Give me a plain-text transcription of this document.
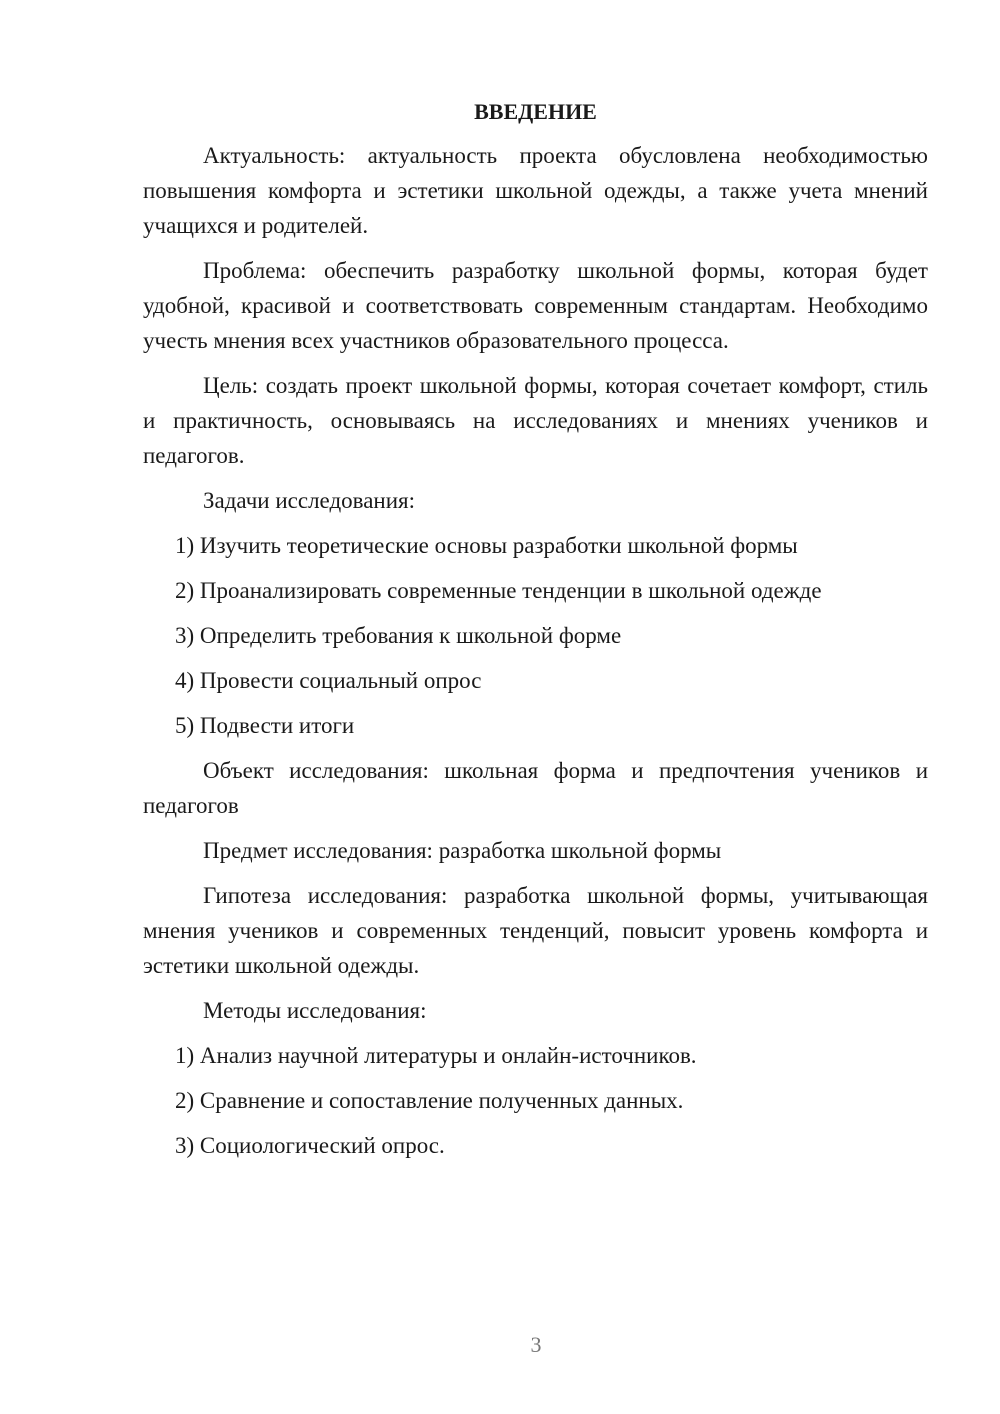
ВВЕДЕНИЕ

Актуальность: актуальность проекта обусловлена необходимостью повышения комфорта и эстетики школьной одежды, а также учета мнений учащихся и родителей.

Проблема: обеспечить разработку школьной формы, которая будет удобной, красивой и соответствовать современным стандартам. Необходимо учесть мнения всех участников образовательного процесса.

Цель: создать проект школьной формы, которая сочетает комфорт, стиль и практичность, основываясь на исследованиях и мнениях учеников и педагогов.

Задачи исследования:

1) Изучить теоретические основы разработки школьной формы

2) Проанализировать современные тенденции в школьной одежде

3) Определить требования к школьной форме

4) Провести социальный опрос

5) Подвести итоги

Объект исследования: школьная форма и предпочтения учеников и педагогов

Предмет исследования: разработка школьной формы

Гипотеза исследования: разработка школьной формы, учитывающая мнения учеников и современных тенденций, повысит уровень комфорта и эстетики школьной одежды.

Методы исследования:

1) Анализ научной литературы и онлайн-источников.

2) Сравнение и сопоставление полученных данных.

3) Социологический опрос.

3
